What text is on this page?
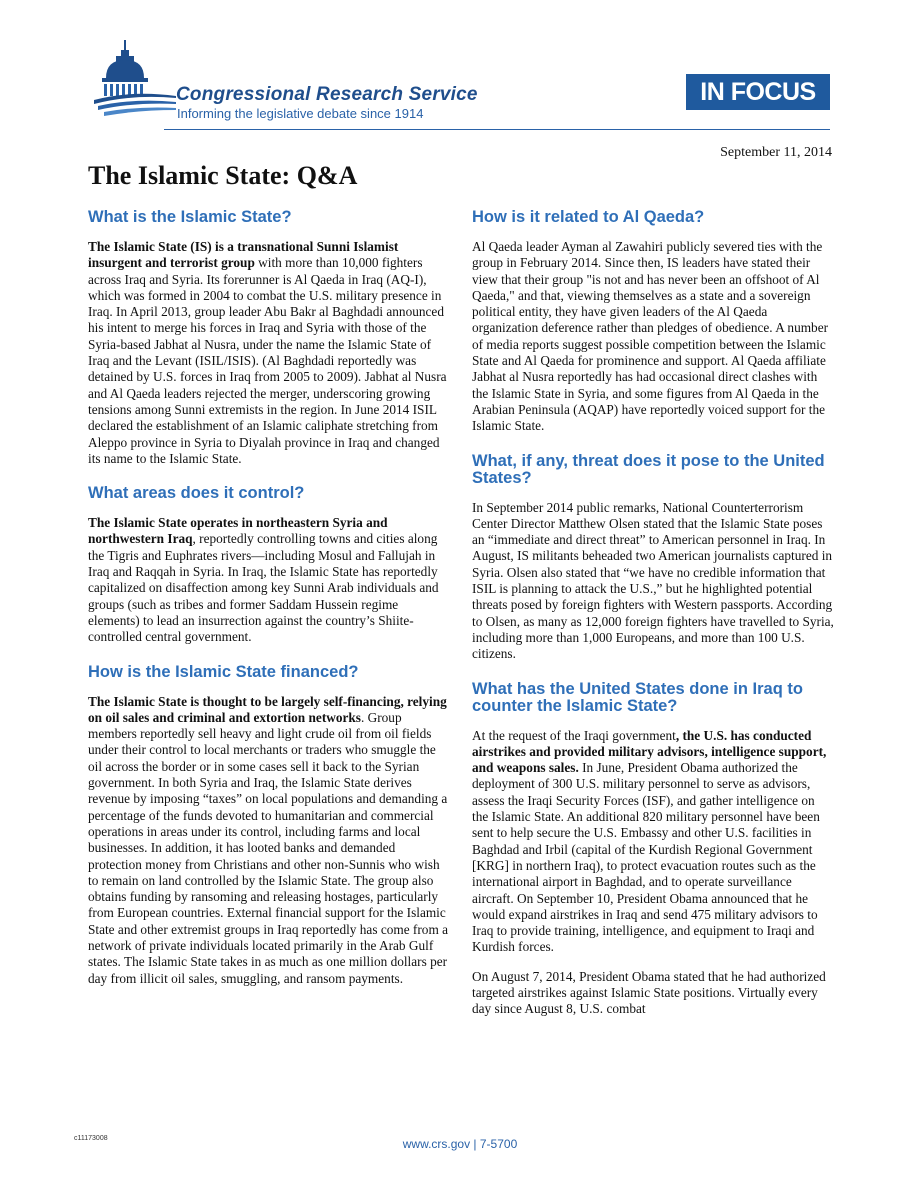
Congressional Research Service
Informing the legislative debate since 1914
IN FOCUS
September 11, 2014
The Islamic State: Q&A
What is the Islamic State?

The Islamic State (IS) is a transnational Sunni Islamist insurgent and terrorist group with more than 10,000 fighters across Iraq and Syria. Its forerunner is Al Qaeda in Iraq (AQ-I), which was formed in 2004 to combat the U.S. military presence in Iraq. In April 2013, group leader Abu Bakr al Baghdadi announced his intent to merge his forces in Iraq and Syria with those of the Syria-based Jabhat al Nusra, under the name the Islamic State of Iraq and the Levant (ISIL/ISIS). (Al Baghdadi reportedly was detained by U.S. forces in Iraq from 2005 to 2009). Jabhat al Nusra and Al Qaeda leaders rejected the merger, underscoring growing tensions among Sunni extremists in the region. In June 2014 ISIL declared the establishment of an Islamic caliphate stretching from Aleppo province in Syria to Diyalah province in Iraq and changed its name to the Islamic State.

What areas does it control?

The Islamic State operates in northeastern Syria and northwestern Iraq, reportedly controlling towns and cities along the Tigris and Euphrates rivers—including Mosul and Fallujah in Iraq and Raqqah in Syria. In Iraq, the Islamic State has reportedly capitalized on disaffection among key Sunni Arab individuals and groups (such as tribes and former Saddam Hussein regime elements) to lead an insurrection against the country’s Shiite-controlled central government.

How is the Islamic State financed?

The Islamic State is thought to be largely self-financing, relying on oil sales and criminal and extortion networks. Group members reportedly sell heavy and light crude oil from oil fields under their control to local merchants or traders who smuggle the oil across the border or in some cases sell it back to the Syrian government. In both Syria and Iraq, the Islamic State derives revenue by imposing “taxes” on local populations and demanding a percentage of the funds devoted to humanitarian and commercial operations in areas under its control, including farms and local businesses. In addition, it has looted banks and demanded protection money from Christians and other non-Sunnis who wish to remain on land controlled by the Islamic State. The group also obtains funding by ransoming and releasing hostages, particularly from European countries. External financial support for the Islamic State and other extremist groups in Iraq reportedly has come from a network of private individuals located primarily in the Arab Gulf states. The Islamic State takes in as much as one million dollars per day from illicit oil sales, smuggling, and ransom payments.

How is it related to Al Qaeda?

Al Qaeda leader Ayman al Zawahiri publicly severed ties with the group in February 2014. Since then, IS leaders have stated their view that their group "is not and has never been an offshoot of Al Qaeda," and that, viewing themselves as a state and a sovereign political entity, they have given leaders of the Al Qaeda organization deference rather than pledges of obedience. A number of media reports suggest possible competition between the Islamic State and Al Qaeda for prominence and support. Al Qaeda affiliate Jabhat al Nusra reportedly has had occasional direct clashes with the Islamic State in Syria, and some figures from Al Qaeda in the Arabian Peninsula (AQAP) have reportedly voiced support for the Islamic State.

What, if any, threat does it pose to the United States?

In September 2014 public remarks, National Counterterrorism Center Director Matthew Olsen stated that the Islamic State poses an “immediate and direct threat” to American personnel in Iraq. In August, IS militants beheaded two American journalists captured in Syria. Olsen also stated that “we have no credible information that ISIL is planning to attack the U.S.,” but he highlighted potential threats posed by foreign fighters with Western passports. According to Olsen, as many as 12,000 foreign fighters have travelled to Syria, including more than 1,000 Europeans, and more than 100 U.S. citizens.

What has the United States done in Iraq to counter the Islamic State?

At the request of the Iraqi government, the U.S. has conducted airstrikes and provided military advisors, intelligence support, and weapons sales. In June, President Obama authorized the deployment of 300 U.S. military personnel to serve as advisors, assess the Iraqi Security Forces (ISF), and gather intelligence on the Islamic State. An additional 820 military personnel have been sent to help secure the U.S. Embassy and other U.S. facilities in Baghdad and Irbil (capital of the Kurdish Regional Government [KRG] in northern Iraq), to protect evacuation routes such as the international airport in Baghdad, and to operate surveillance aircraft. On September 10, President Obama announced that he would expand airstrikes in Iraq and send 475 military advisors to Iraq to provide training, intelligence, and equipment to Iraqi and Kurdish forces.

On August 7, 2014, President Obama stated that he had authorized targeted airstrikes against Islamic State positions. Virtually every day since August 8, U.S. combat

c11173008	www.crs.gov | 7-5700
